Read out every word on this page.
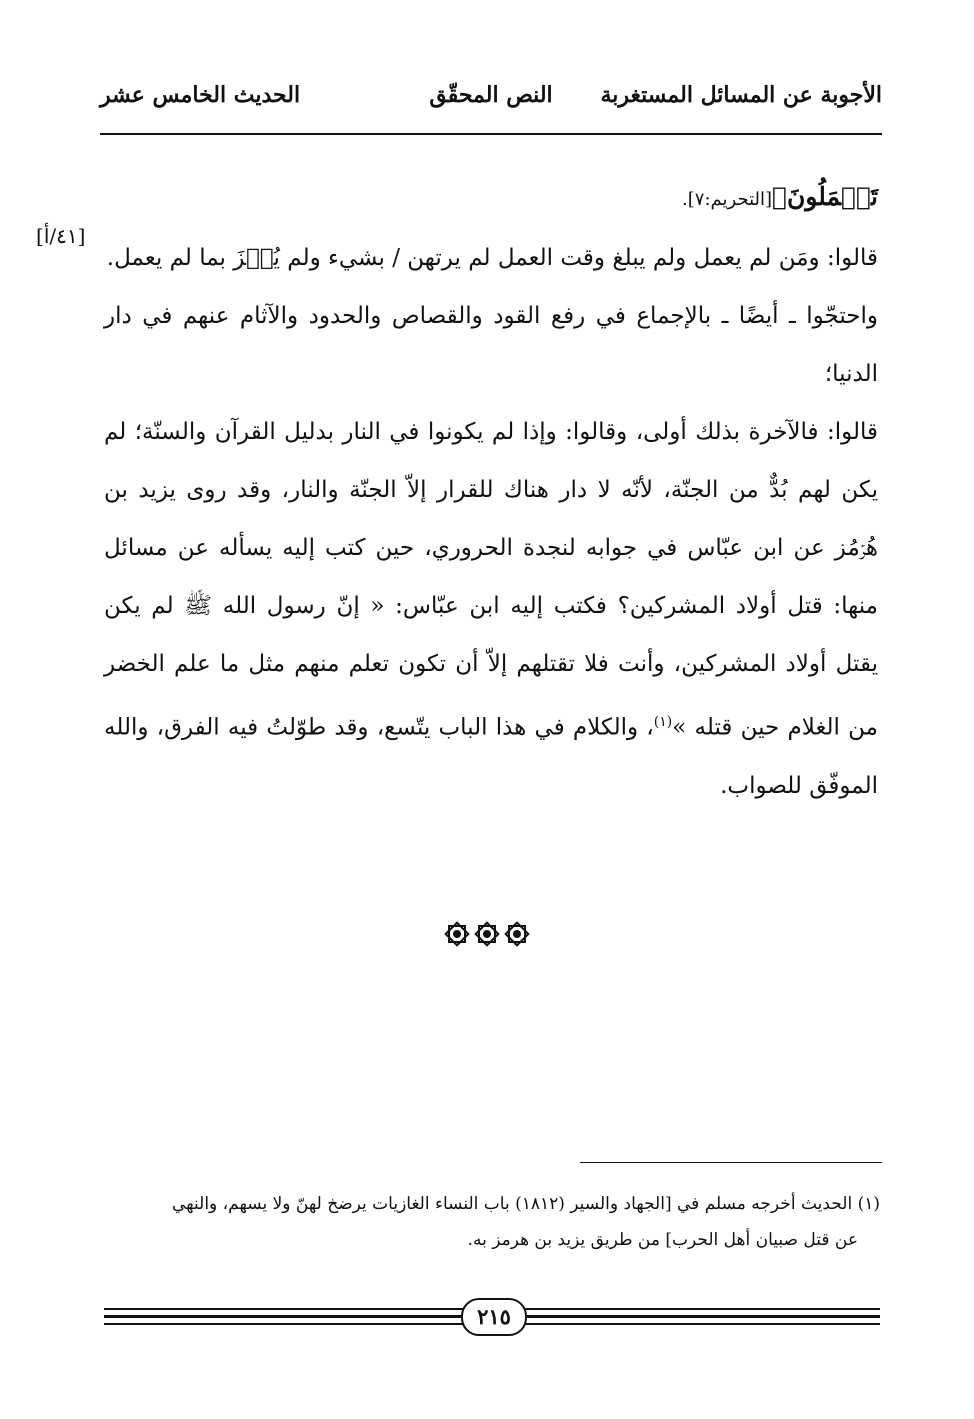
الأجوبة عن المسائل المستغربة
النص المحقّق
الحديث الخامس عشر
[٤١/أ]

تَعۡمَلُونَ﴾[التحريم:٧].

قالوا: ومَن لم يعمل ولم يبلغ وقت العمل لم يرتهن / بشيء ولم يُجۡزَ بما لم يعمل.

واحتجّوا ـ أيضًا ـ بالإجماع في رفع القود والقصاص والحدود والآثام عنهم في دار الدنيا؛

قالوا: فالآخرة بذلك أولى، وقالوا: وإذا لم يكونوا في النار بدليل القرآن والسنّة؛ لم يكن لهم بُدٌّ من الجنّة، لأنّه لا دار هناك للقرار إلاّ الجنّة والنار، وقد روى يزيد بن هُرۡمُز عن ابن عبّاس في جوابه لنجدة الحروري، حين كتب إليه يسأله عن مسائل منها: قتل أولاد المشركين؟ فكتب إليه ابن عبّاس: « إنّ رسول الله ﷺ لم يكن يقتل أولاد المشركين، وأنت فلا تقتلهم إلاّ أن تكون تعلم منهم مثل ما علم الخضر من الغلام حين قتله »$^{(١)}$، والكلام في هذا الباب يتّسع، وقد طوّلتُ فيه الفرق، والله الموفّق للصواب.

(١) الحديث أخرجه مسلم في [الجهاد والسير (١٨١٢) باب النساء الغازيات يرضخ لهنّ ولا يسهم، والنهي

عن قتل صبيان أهل الحرب] من طريق يزيد بن هرمز به.

٢١٥
